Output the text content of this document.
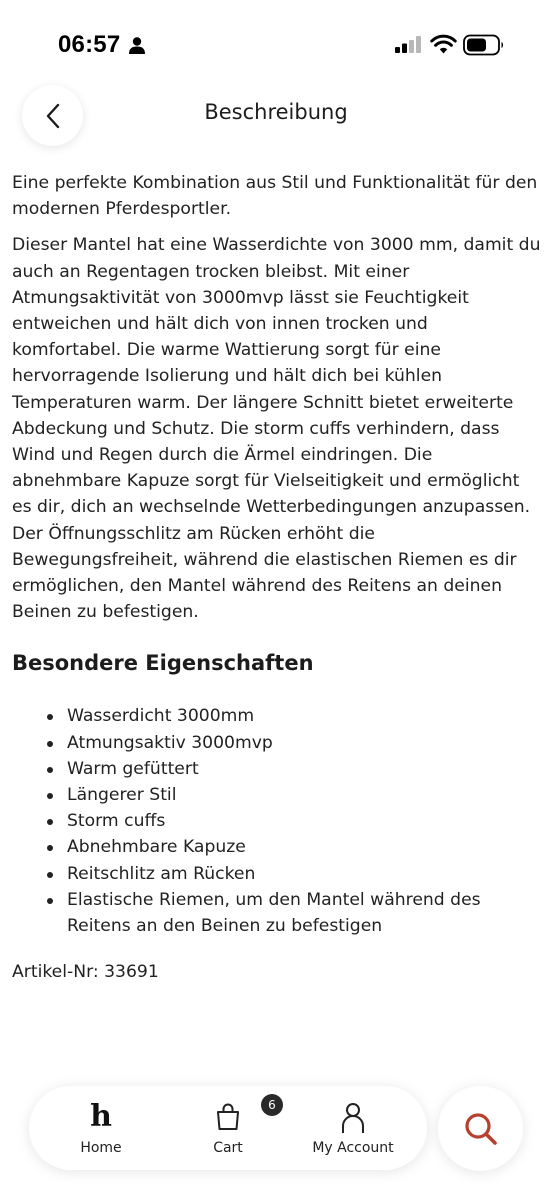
06:57
Beschreibung

Eine perfekte Kombination aus Stil und Funktionalität für den modernen Pferdesportler.

Dieser Mantel hat eine Wasserdichte von 3000 mm, damit du auch an Regentagen trocken bleibst. Mit einer Atmungsaktivität von 3000mvp lässt sie Feuchtigkeit entweichen und hält dich von innen trocken und komfortabel. Die warme Wattierung sorgt für eine hervorragende Isolierung und hält dich bei kühlen Temperaturen warm. Der längere Schnitt bietet erweiterte Abdeckung und Schutz. Die storm cuffs verhindern, dass Wind und Regen durch die Ärmel eindringen. Die abnehmbare Kapuze sorgt für Vielseitigkeit und ermöglicht es dir, dich an wechselnde Wetterbedingungen anzupassen. Der Öffnungsschlitz am Rücken erhöht die Bewegungsfreiheit, während die elastischen Riemen es dir ermöglichen, den Mantel während des Reitens an deinen Beinen zu befestigen.

Besondere Eigenschaften
Wasserdicht 3000mm
Atmungsaktiv 3000mvp
Warm gefüttert
Längerer Stil
Storm cuffs
Abnehmbare Kapuze
Reitschlitz am Rücken
Elastische Riemen, um den Mantel während des Reitens an den Beinen zu befestigen

Artikel-Nr: 33691

h
Home
6
Cart	My Account
